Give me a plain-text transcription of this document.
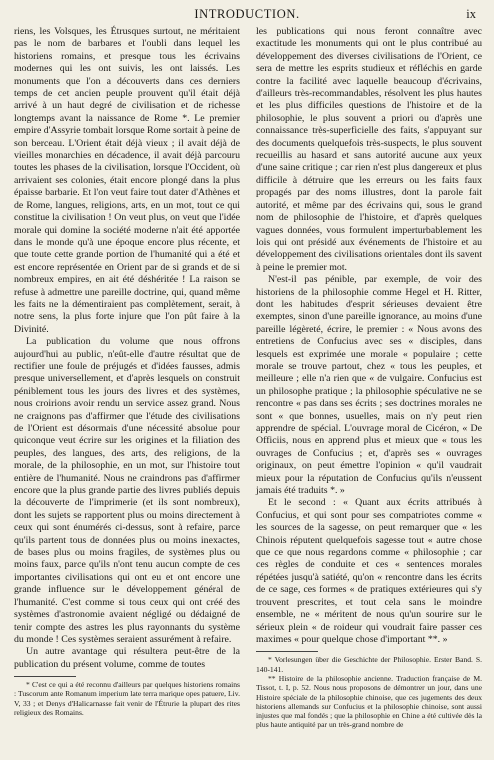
INTRODUCTION.	ix

riens, les Volsques, les Étrusques surtout, ne méritaient pas le nom de barbares et l'oubli dans lequel les historiens romains, et presque tous les écrivains modernes qui les ont suivis, les ont laissés. Les monuments que l'on a découverts dans ces derniers temps de cet ancien peuple prouvent qu'il était déjà arrivé à un haut degré de civilisation et de richesse longtemps avant la naissance de Rome *. Le premier empire d'Assyrie tombait lorsque Rome sortait à peine de son berceau. L'Orient était déjà vieux ; il avait déjà de vieilles monarchies en décadence, il avait déjà parcouru toutes les phases de la civilisation, lorsque l'Occident, où arrivaient ses colonies, était encore plongé dans la plus épaisse barbarie. Et l'on veut faire tout dater d'Athènes et de Rome, langues, religions, arts, en un mot, tout ce qui constitue la civilisation ! On veut plus, on veut que l'idée morale qui domine la société moderne n'ait été apportée dans le monde qu'à une époque encore plus récente, et que toute cette grande portion de l'humanité qui a été et est encore représentée en Orient par de si grands et de si nombreux empires, en ait été déshéritée ! La raison se refuse à admettre une pareille doctrine, qui, quand même les faits ne la démentiraient pas complètement, serait, à notre sens, la plus forte injure que l'on pût faire à la Divinité.

La publication du volume que nous offrons aujourd'hui au public, n'eût-elle d'autre résultat que de rectifier une foule de préjugés et d'idées fausses, admis presque universellement, et d'après lesquels on construit péniblement tous les jours des livres et des systèmes, nous croirions avoir rendu un service assez grand. Nous ne craignons pas d'affirmer que l'étude des civilisations de l'Orient est désormais d'une nécessité absolue pour quiconque veut écrire sur les origines et la filiation des peuples, des langues, des arts, des religions, de la morale, de la philosophie, en un mot, sur l'histoire tout entière de l'humanité. Nous ne craindrons pas d'affirmer encore que la plus grande partie des livres publiés depuis la découverte de l'imprimerie (et ils sont nombreux), dont les sujets se rapportent plus ou moins directement à ceux qui sont énumérés ci-dessus, sont à refaire, parce qu'ils partent tous de données plus ou moins inexactes, de bases plus ou moins fragiles, de systèmes plus ou moins faux, parce qu'ils n'ont tenu aucun compte de ces importantes civilisations qui ont eu et ont encore une grande influence sur le développement général de l'humanité. C'est comme si tous ceux qui ont créé des systèmes d'astronomie avaient négligé ou dédaigné de tenir compte des astres les plus rayonnants du système du monde ! Ces systèmes seraient assurément à refaire.

Un autre avantage qui résultera peut-être de la publication du présent volume, comme de toutes

* C'est ce qui a été reconnu d'ailleurs par quelques historiens romains : Tuscorum ante Romanum imperium late terra marique opes patuere, Liv. V, 33 ; et Denys d'Halicarnasse fait venir de l'Étrurie la plupart des rites religieux des Romains.

les publications qui nous feront connaître avec exactitude les monuments qui ont le plus contribué au développement des diverses civilisations de l'Orient, ce sera de mettre les esprits studieux et réfléchis en garde contre la facilité avec laquelle beaucoup d'écrivains, d'ailleurs très-recommandables, résolvent les plus hautes et les plus difficiles questions de l'histoire et de la philosophie, le plus souvent a priori ou d'après une connaissance très-superficielle des faits, s'appuyant sur des documents quelquefois très-suspects, le plus souvent recueillis au hasard et sans autorité aucune aux yeux d'une saine critique ; car rien n'est plus dangereux et plus difficile à détruire que les erreurs ou les faits faux propagés par des noms illustres, dont la parole fait autorité, et même par des écrivains qui, sous le grand nom de philosophie de l'histoire, et d'après quelques vagues données, vous formulent imperturbablement les lois qui ont présidé aux événements de l'histoire et au développement des civilisations orientales dont ils savent à peine le premier mot.

N'est-il pas pénible, par exemple, de voir des historiens de la philosophie comme Hegel et H. Ritter, dont les habitudes d'esprit sérieuses devaient être exemptes, sinon d'une pareille ignorance, au moins d'une pareille légèreté, écrire, le premier : « Nous avons des entretiens de Confucius avec ses « disciples, dans lesquels est exprimée une morale « populaire ; cette morale se trouve partout, chez « tous les peuples, et meilleure ; elle n'a rien que « de vulgaire. Confucius est un philosophe pratique ; la philosophie spéculative ne se rencontre « pas dans ses écrits ; ses doctrines morales ne sont « que bonnes, usuelles, mais on n'y peut rien apprendre de spécial. L'ouvrage moral de Cicéron, « De Officiis, nous en apprend plus et mieux que « tous les ouvrages de Confucius ; et, d'après ses « ouvrages originaux, on peut émettre l'opinion « qu'il vaudrait mieux pour la réputation de Confucius qu'ils n'eussent jamais été traduits *. »

Et le second : « Quant aux écrits attribués à Confucius, et qui sont pour ses compatriotes comme « les sources de la sagesse, on peut remarquer que « les Chinois réputent quelquefois sagesse tout « autre chose que ce que nous regardons comme « philosophie ; car ces règles de conduite et ces « sentences morales répétées jusqu'à satiété, qu'on « rencontre dans les écrits de ce sage, ces formes « de pratiques extérieures qui s'y trouvent prescrites, et tout cela sans le moindre ensemble, ne « méritent de nous qu'un sourire sur le sérieux plein « de roideur qui voudrait faire passer ces maximes « pour quelque chose d'important **. »

* Vorlesungen über die Geschichte der Philosophie. Erster Band. S. 140-141.

** Histoire de la philosophie ancienne. Traduction française de M. Tissot, t. I, p. 52. Nous nous proposons de démontrer un jour, dans une Histoire spéciale de la philosophie chinoise, que ces jugements des deux historiens allemands sur Confucius et la philosophie chinoise, sont aussi injustes que mal fondés ; que la philosophie en Chine a été cultivée dès la plus haute antiquité par un très-grand nombre de
